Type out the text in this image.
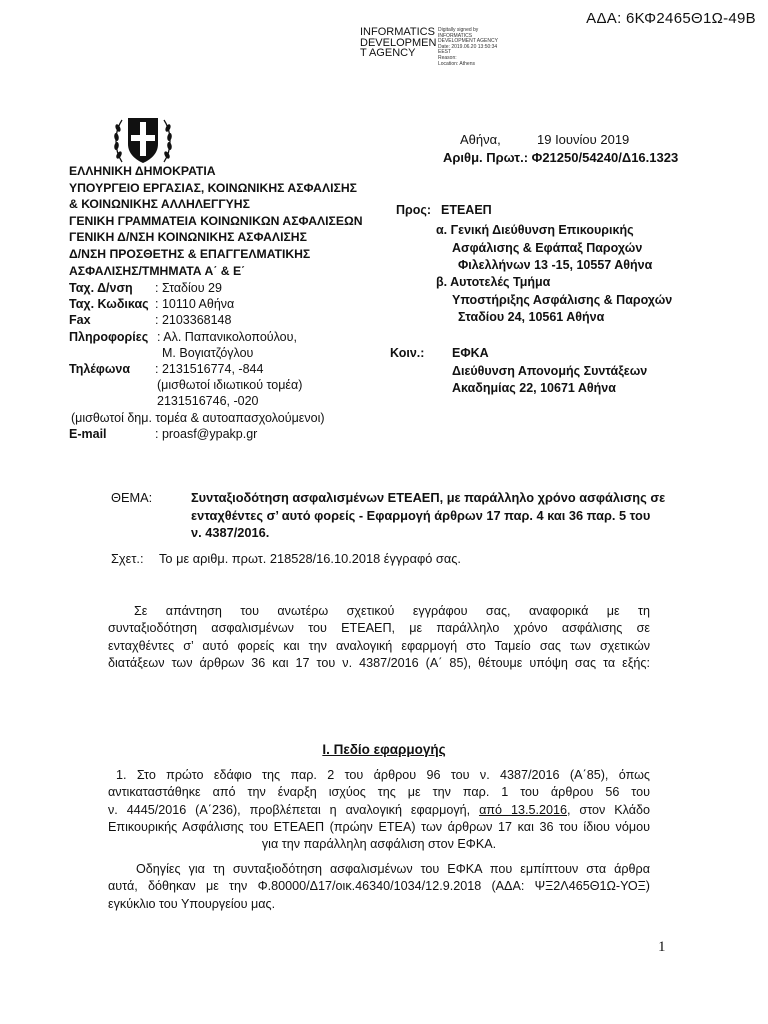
ΑΔΑ: 6ΚΦ2465Θ1Ω-49Β
INFORMATICS
DEVELOPMEN
T AGENCY
Digitally signed by
INFORMATICS
DEVELOPMENT AGENCY
Date: 2019.06.20 13:50:34
EEST
Reason:
Location: Athens
Αθήνα,	19 Ιουνίου 2019
Αριθμ. Πρωτ.: Φ21250/54240/Δ16.1323
ΕΛΛΗΝΙΚΗ ΔΗΜΟΚΡΑΤΙΑ
ΥΠΟΥΡΓΕΙΟ ΕΡΓΑΣΙΑΣ, ΚΟΙΝΩΝΙΚΗΣ ΑΣΦΑΛΙΣΗΣ
& ΚΟΙΝΩΝΙΚΗΣ ΑΛΛΗΛΕΓΓΥΗΣ
ΓΕΝΙΚΗ ΓΡΑΜΜΑΤΕΙΑ ΚΟΙΝΩΝΙΚΩΝ ΑΣΦΑΛΙΣΕΩΝ
ΓΕΝΙΚΗ Δ/ΝΣΗ ΚΟΙΝΩΝΙΚΗΣ ΑΣΦΑΛΙΣΗΣ
Δ/ΝΣΗ ΠΡΟΣΘΕΤΗΣ & ΕΠΑΓΓΕΛΜΑΤΙΚΗΣ
ΑΣΦΑΛΙΣΗΣ/ΤΜΗΜΑΤΑ Α΄ & Ε΄
Ταχ. Δ/νση : Σταδίου 29
Ταχ. Κωδικας : 10110 Αθήνα
Fax	: 2103368148
Πληροφορίες : Αλ. Παπανικολοπούλου,
Μ. Βογιατζόγλου
Τηλέφωνα : 2131516774, -844
(μισθωτοί ιδιωτικού τομέα)
2131516746, -020
(μισθωτοί δημ. τομέα & αυτοαπασχολούμενοι)
E-mail	: proasf@ypakp.gr
Προς: ΕΤΕΑΕΠ
α. Γενική Διεύθυνση Επικουρικής
Ασφάλισης & Εφάπαξ Παροχών
Φιλελλήνων 13 -15, 10557 Αθήνα
β. Αυτοτελές Τμήμα
Υποστήριξης Ασφάλισης & Παροχών
Σταδίου 24, 10561 Αθήνα
Κοιν.: ΕΦΚΑ
Διεύθυνση Απονομής Συντάξεων
Ακαδημίας 22, 10671 Αθήνα
ΘΕΜΑ:	Συνταξιοδότηση ασφαλισμένων ΕΤΕΑΕΠ, με παράλληλο χρόνο ασφάλισης σε
ενταχθέντες σ’ αυτό φορείς - Εφαρμογή άρθρων 17 παρ. 4 και 36 παρ. 5 του
ν. 4387/2016.
Σχετ.: Το με αριθμ. πρωτ. 218528/16.10.2018 έγγραφό σας.
Σε απάντηση του ανωτέρω σχετικού εγγράφου σας, αναφορικά με τη
συνταξιοδότηση ασφαλισμένων του ΕΤΕΑΕΠ, με παράλληλο χρόνο ασφάλισης σε
ενταχθέντες σ’ αυτό φορείς και την αναλογική εφαρμογή στο Ταμείο σας των σχετικών
διατάξεων των άρθρων 36 και 17 του ν. 4387/2016 (Α΄ 85), θέτουμε υπόψη σας τα εξής:
Ι. Πεδίο εφαρμογής
1. Στο πρώτο εδάφιο της παρ. 2 του άρθρου 96 του ν. 4387/2016 (Α΄85), όπως
αντικαταστάθηκε από την έναρξη ισχύος της με την παρ. 1 του άρθρου 56 του
ν. 4445/2016 (Α΄236), προβλέπεται η αναλογική εφαρμογή, από 13.5.2016, στον Κλάδο
Επικουρικής Ασφάλισης του ΕΤΕΑΕΠ (πρώην ΕΤΕΑ) των άρθρων 17 και 36 του ίδιου νόμου
για την παράλληλη ασφάλιση στον ΕΦΚΑ.
Οδηγίες για τη συνταξιοδότηση ασφαλισμένων του ΕΦΚΑ που εμπίπτουν στα άρθρα
αυτά, δόθηκαν με την Φ.80000/Δ17/οικ.46340/1034/12.9.2018 (ΑΔΑ: ΨΞ2Λ465Θ1Ω-ΥΟΞ)
εγκύκλιο του Υπουργείου μας.
1
